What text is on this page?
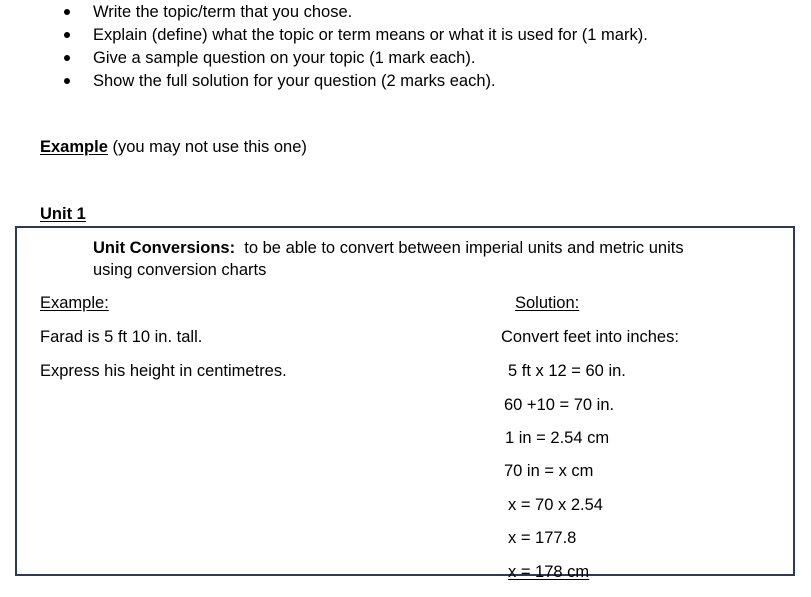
Write the topic/term that you chose.
Explain (define) what the topic or term means or what it is used for (1 mark).
Give a sample question on your topic (1 mark each).
Show the full solution for your question (2 marks each).
Example (you may not use this one)
Unit 1
Unit Conversions: to be able to convert between imperial units and metric units
using conversion charts
Example:
Farad is 5 ft 10 in. tall.
Express his height in centimetres.
Solution:
Convert feet into inches:
5 ft x 12 = 60 in.
60 +10 = 70 in.
1 in = 2.54 cm
70 in = x cm
x = 70 x 2.54
x = 177.8
x = 178 cm
